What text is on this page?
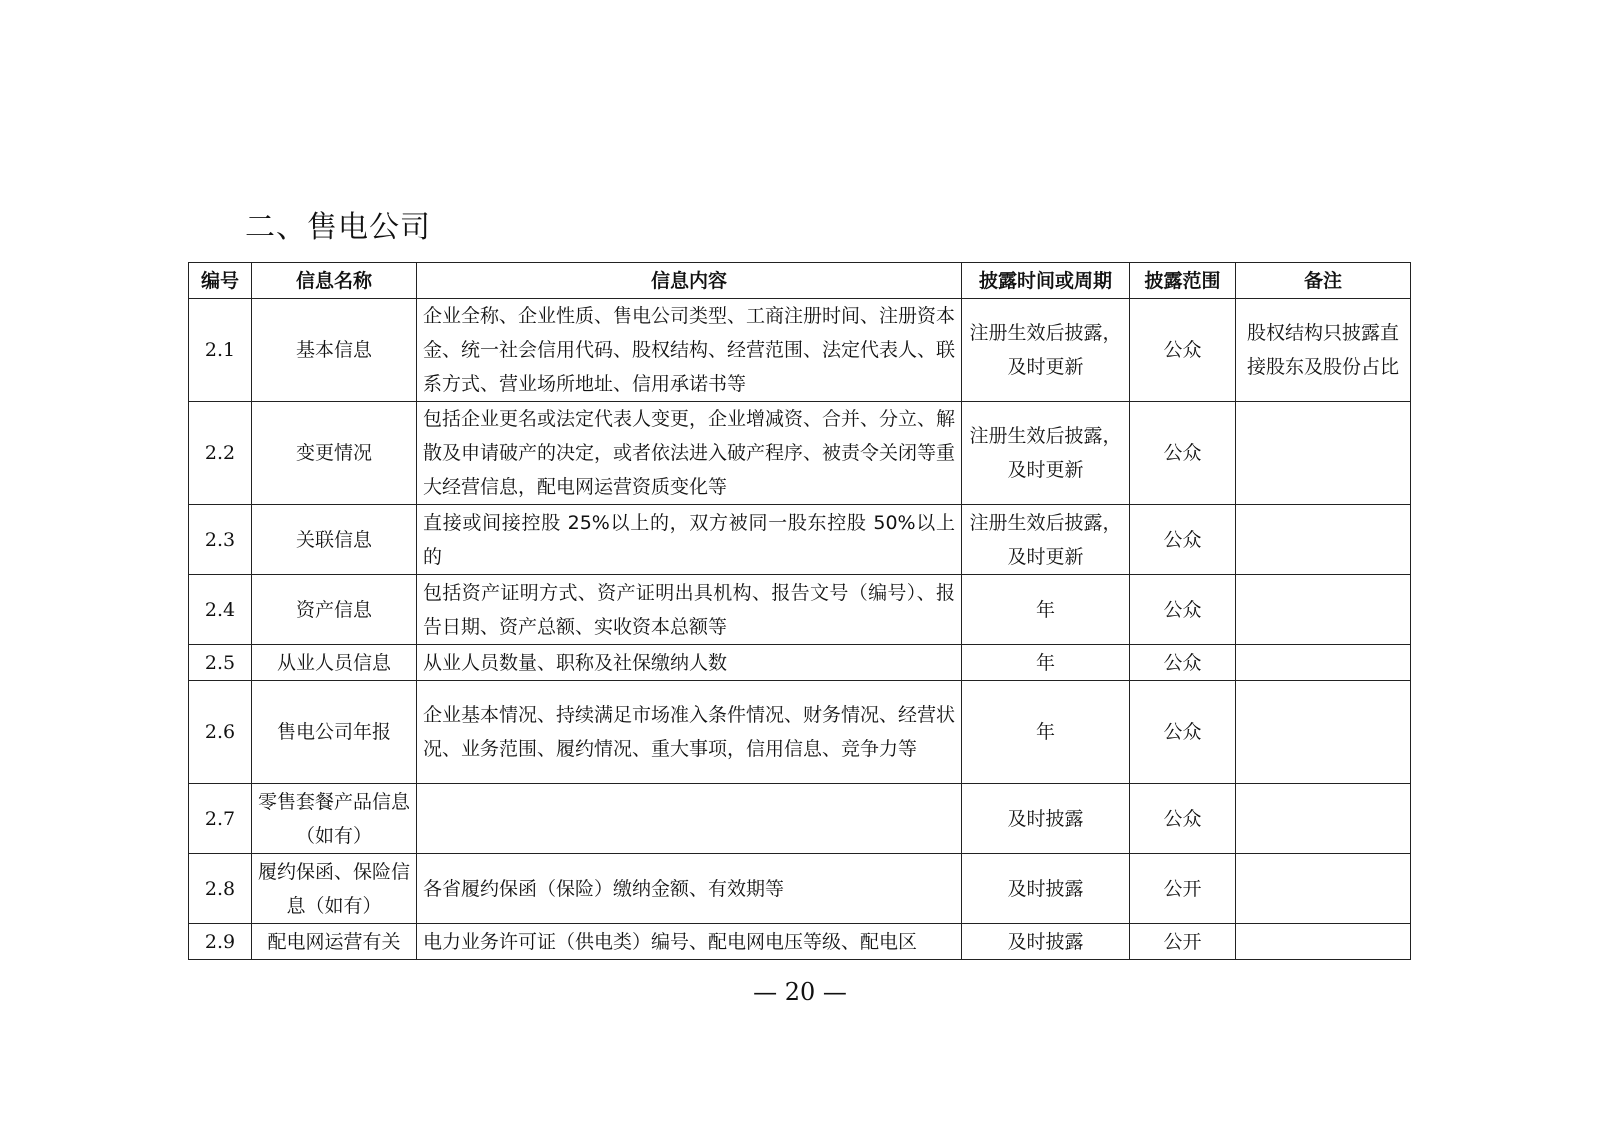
二、售电公司
编号	信息名称	信息内容	披露时间或周期	披露范围	备注
2.1	基本信息	企业全称、企业性质、售电公司类型、工商注册时间、注册资本金、统一社会信用代码、股权结构、经营范围、法定代表人、联系方式、营业场所地址、信用承诺书等	注册生效后披露，及时更新	公众	股权结构只披露直接股东及股份占比
2.2	变更情况	包括企业更名或法定代表人变更，企业增减资、合并、分立、解散及申请破产的决定，或者依法进入破产程序、被责令关闭等重大经营信息，配电网运营资质变化等	注册生效后披露，及时更新	公众	
2.3	关联信息	直接或间接控股 25%以上的，双方被同一股东控股 50%以上的	注册生效后披露，及时更新	公众	
2.4	资产信息	包括资产证明方式、资产证明出具机构、报告文号（编号）、报告日期、资产总额、实收资本总额等	年	公众	
2.5	从业人员信息	从业人员数量、职称及社保缴纳人数	年	公众	
2.6	售电公司年报	企业基本情况、持续满足市场准入条件情况、财务情况、经营状况、业务范围、履约情况、重大事项，信用信息、竞争力等	年	公众	
2.7	零售套餐产品信息（如有）		及时披露	公众	
2.8	履约保函、保险信息（如有）	各省履约保函（保险）缴纳金额、有效期等	及时披露	公开	
2.9	配电网运营有关	电力业务许可证（供电类）编号、配电网电压等级、配电区	及时披露	公开	
— 20 —
